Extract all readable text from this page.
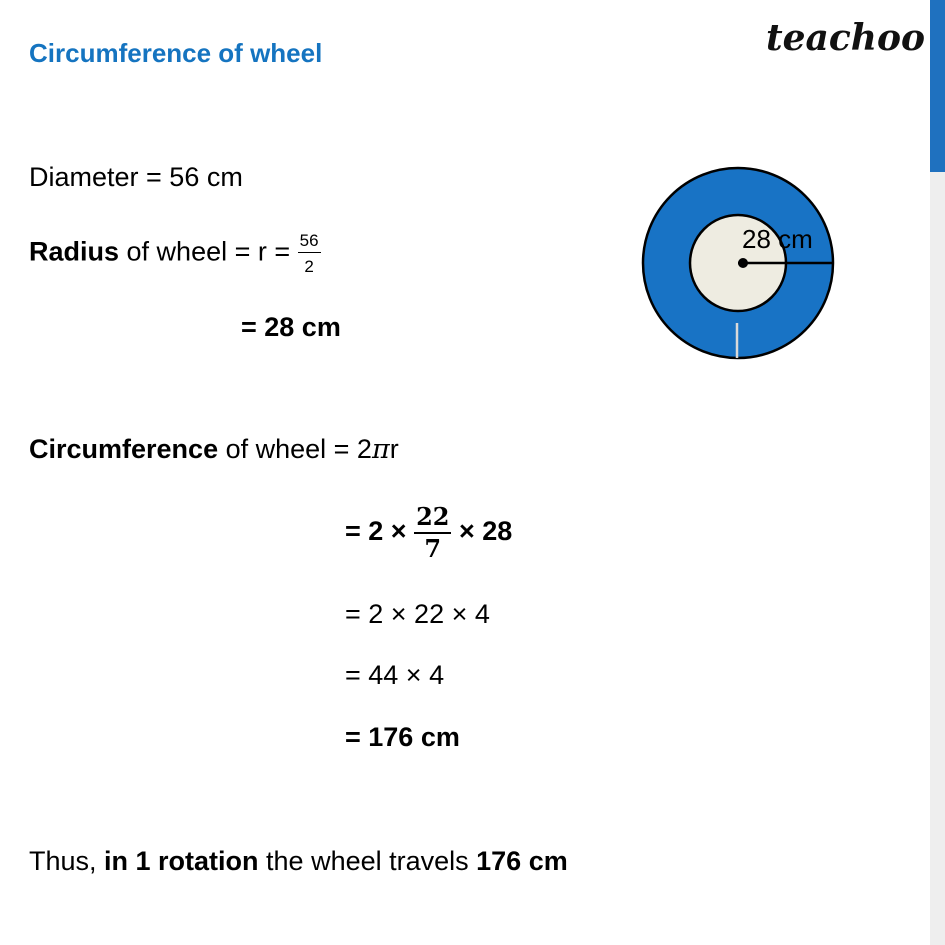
Circumference of wheel	teachoo
Diameter = 56 cm
Radius of wheel = $r = \frac{56}{2}$
= 28 cm
Circumference of wheel = 2πr
= $2 \times \frac{22}{7} \times 28$
= 2 × 22 × 4
= 44 × 4
= 176 cm
Thus, in 1 rotation the wheel travels 176 cm
28 cm
